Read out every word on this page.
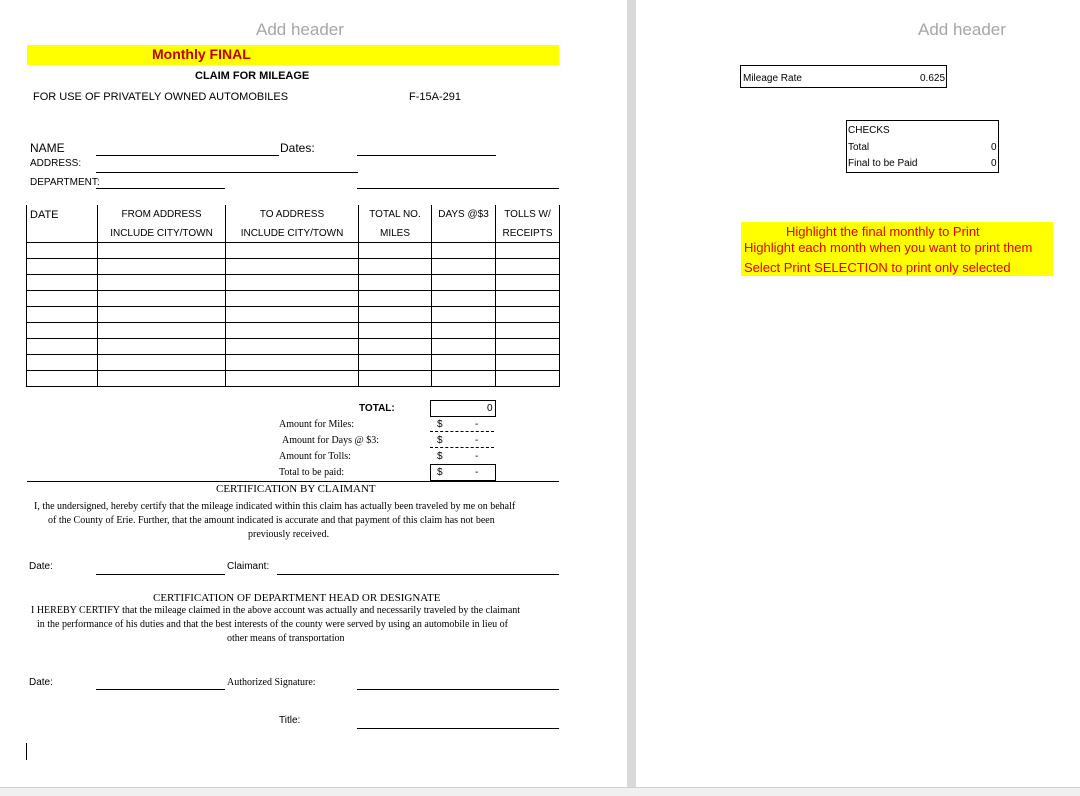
Add header
Monthly FINAL
CLAIM FOR MILEAGE
FOR USE OF PRIVATELY OWNED AUTOMOBILES	F-15A-291
NAME	Dates:
ADDRESS:
DEPARTMENT:
DATE	FROM ADDRESS	TO ADDRESS	TOTAL NO.	DAYS @$3	TOLLS W/
	INCLUDE CITY/TOWN	INCLUDE CITY/TOWN	MILES		RECEIPTS

TOTAL:	0
Amount for Miles:	$	-
Amount for Days @ $3:	$	-
Amount for Tolls:	$	-
Total to be paid:	$	-
CERTIFICATION BY CLAIMANT
I, the undersigned, hereby certify that the mileage indicated within this claim has actually been traveled by me on behalf
of the County of Erie. Further, that the amount indicated is accurate and that payment of this claim has not been
previously received.
Date:	Claimant:
CERTIFICATION OF DEPARTMENT HEAD OR DESIGNATE
I HEREBY CERTIFY that the mileage claimed in the above account was actually and necessarily traveled by the claimant
in the performance of his duties and that the best interests of the county were served by using an automobile in lieu of
other means of transportation
Date:	Authorized Signature:
Title:
Add header
Mileage Rate	0.625
CHECKS
Total	0
Final to be Paid	0
Highlight the final monthly to Print
Highlight each month when you want to print them
Select Print SELECTION to print only selected
